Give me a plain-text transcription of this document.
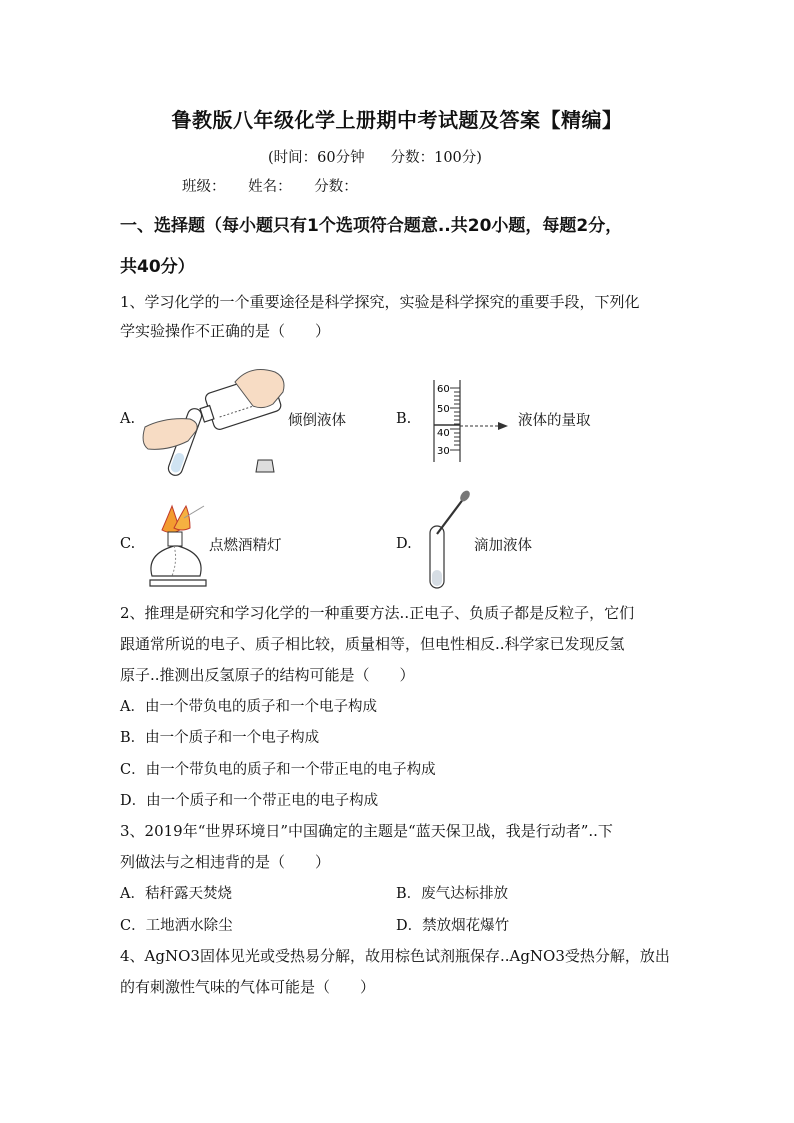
鲁教版八年级化学上册期中考试题及答案【精编】
(时间：60分钟 分数：100分)
班级： 姓名： 分数：
一、选择题（每小题只有1个选项符合题意..共20小题，每题2分，
共40分）
1、学习化学的一个重要途径是科学探究，实验是科学探究的重要手段，下列化
学实验操作不正确的是（　　）
A.	倾倒液体	B.
60
50
40
30
液体的量取
C.	点燃酒精灯	D.	滴加液体
2、推理是研究和学习化学的一种重要方法..正电子、负质子都是反粒子，它们
跟通常所说的电子、质子相比较，质量相等，但电性相反..科学家已发现反氢
原子..推测出反氢原子的结构可能是（　　）
A．由一个带负电的质子和一个电子构成
B．由一个质子和一个电子构成
C．由一个带负电的质子和一个带正电的电子构成
D．由一个质子和一个带正电的电子构成
3、2019年“世界环境日”中国确定的主题是“蓝天保卫战，我是行动者”..下
列做法与之相违背的是（　　）
A．秸秆露天焚烧	B．废气达标排放
C．工地洒水除尘	D．禁放烟花爆竹
4、AgNO3固体见光或受热易分解，故用棕色试剂瓶保存..AgNO3受热分解，放出
的有刺激性气味的气体可能是（　　）
